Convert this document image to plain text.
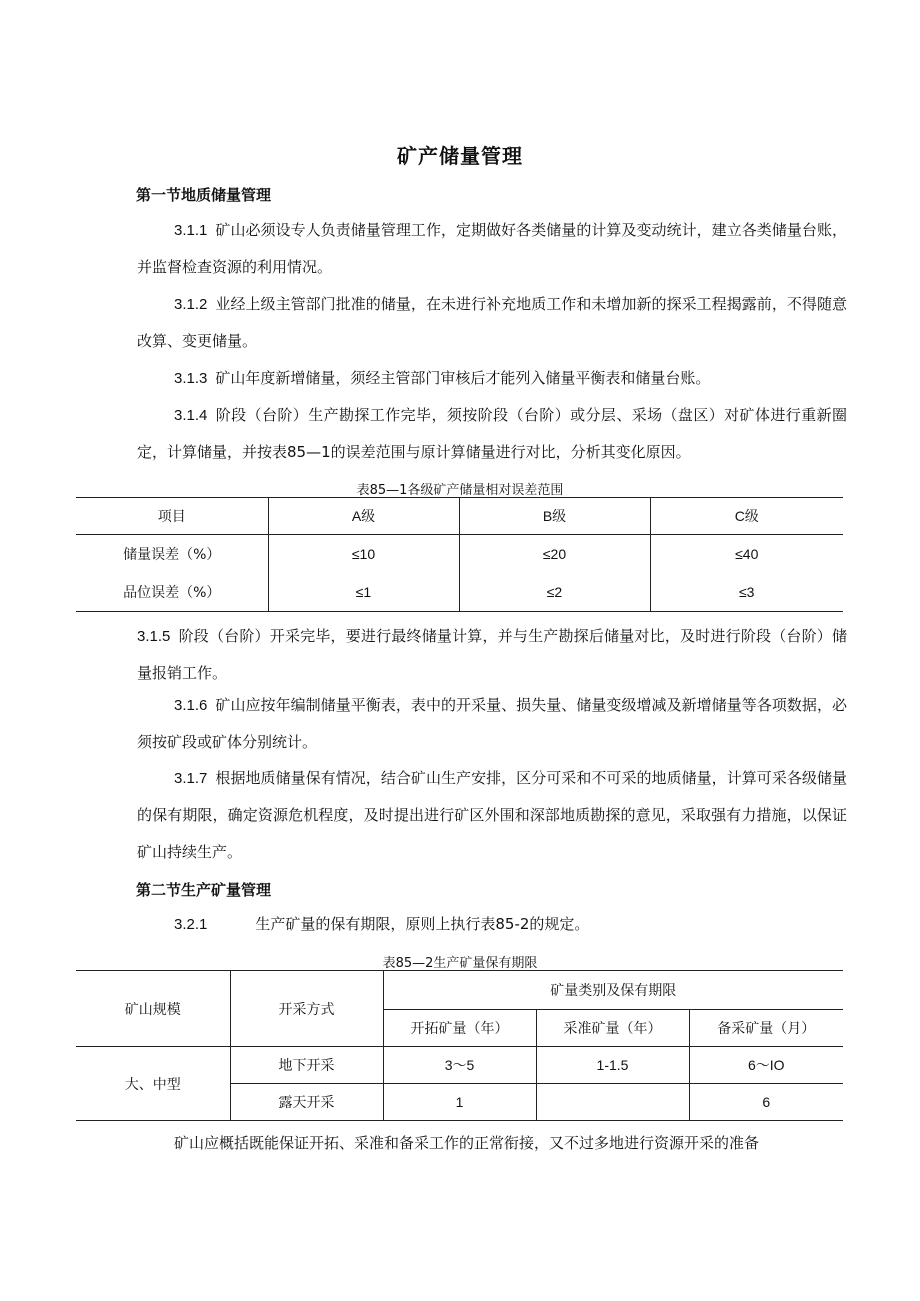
矿产储量管理
第一节地质储量管理

3.1.1 矿山必须设专人负责储量管理工作，定期做好各类储量的计算及变动统计，建立各类储量台账，并监督检查资源的利用情况。

3.1.2 业经上级主管部门批准的储量，在未进行补充地质工作和未增加新的探采工程揭露前，不得随意改算、变更储量。

3.1.3 矿山年度新增储量，须经主管部门审核后才能列入储量平衡表和储量台账。

3.1.4 阶段（台阶）生产勘探工作完毕，须按阶段（台阶）或分层、采场（盘区）对矿体进行重新圈定，计算储量，并按表85—1的误差范围与原计算储量进行对比，分析其变化原因。

表85—1各级矿产储量相对误差范围
项目	A级	B级	C级
储量误差（%）	≤10	≤20	≤40
品位误差（%）	≤1	≤2	≤3

3.1.5 阶段（台阶）开采完毕，要进行最终储量计算，并与生产勘探后储量对比，及时进行阶段（台阶）储量报销工作。

3.1.6 矿山应按年编制储量平衡表，表中的开采量、损失量、储量变级增减及新增储量等各项数据，必须按矿段或矿体分别统计。

3.1.7 根据地质储量保有情况，结合矿山生产安排，区分可采和不可采的地质储量，计算可采各级储量的保有期限，确定资源危机程度，及时提出进行矿区外围和深部地质勘探的意见，采取强有力措施，以保证矿山持续生产。

第二节生产矿量管理

3.2.1	生产矿量的保有期限，原则上执行表85-2的规定。

表85—2生产矿量保有期限
矿山规模	开采方式	矿量类别及保有期限		
		开拓矿量（年）	采准矿量（年）	备采矿量（月）
大、中型	地下开采	3～5	1-1.5	6～IO
	露天开采	1		6

矿山应概括既能保证开拓、采准和备采工作的正常衔接，又不过多地进行资源开采的准备
